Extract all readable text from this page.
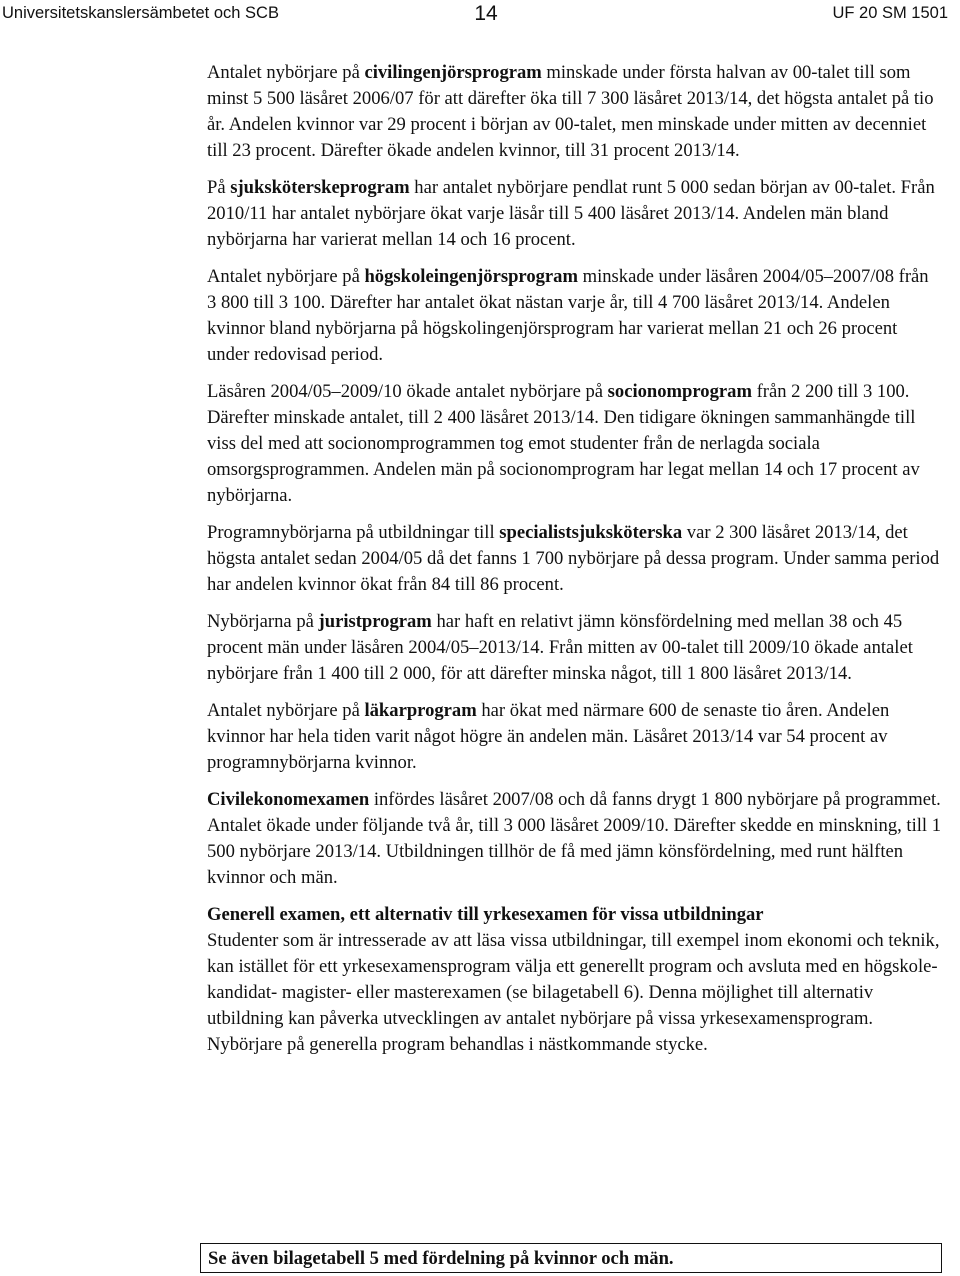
Universitetskanslersämbetet och SCB	14	UF 20 SM 1501

Antalet nybörjare på civilingenjörsprogram minskade under första halvan av 00-talet till som minst 5 500 läsåret 2006/07 för att därefter öka till 7 300 läsåret 2013/14, det högsta antalet på tio år. Andelen kvinnor var 29 procent i början av 00-talet, men minskade under mitten av decenniet till 23 procent. Därefter ökade andelen kvinnor, till 31 procent 2013/14.

På sjuksköterskeprogram har antalet nybörjare pendlat runt 5 000 sedan början av 00-talet. Från 2010/11 har antalet nybörjare ökat varje läsår till 5 400 läsåret 2013/14. Andelen män bland nybörjarna har varierat mellan 14 och 16 procent.

Antalet nybörjare på högskoleingenjörsprogram minskade under läsåren 2004/05–2007/08 från 3 800 till 3 100. Därefter har antalet ökat nästan varje år, till 4 700 läsåret 2013/14. Andelen kvinnor bland nybörjarna på högskolingenjörsprogram har varierat mellan 21 och 26 procent under redovisad period.

Läsåren 2004/05–2009/10 ökade antalet nybörjare på socionomprogram från 2 200 till 3 100. Därefter minskade antalet, till 2 400 läsåret 2013/14. Den tidigare ökningen sammanhängde till viss del med att socionomprogrammen tog emot studenter från de nerlagda sociala omsorgsprogrammen. Andelen män på socionomprogram har legat mellan 14 och 17 procent av nybörjarna.

Programnybörjarna på utbildningar till specialistsjuksköterska var 2 300 läsåret 2013/14, det högsta antalet sedan 2004/05 då det fanns 1 700 nybörjare på dessa program. Under samma period har andelen kvinnor ökat från 84 till 86 procent.

Nybörjarna på juristprogram har haft en relativt jämn könsfördelning med mellan 38 och 45 procent män under läsåren 2004/05–2013/14. Från mitten av 00-talet till 2009/10 ökade antalet nybörjare från 1 400 till 2 000, för att därefter minska något, till 1 800 läsåret 2013/14.

Antalet nybörjare på läkarprogram har ökat med närmare 600 de senaste tio åren. Andelen kvinnor har hela tiden varit något högre än andelen män. Läsåret 2013/14 var 54 procent av programnybörjarna kvinnor.

Civilekonomexamen infördes läsåret 2007/08 och då fanns drygt 1 800 nybörjare på programmet. Antalet ökade under följande två år, till 3 000 läsåret 2009/10. Därefter skedde en minskning, till 1 500 nybörjare 2013/14. Utbildningen tillhör de få med jämn könsfördelning, med runt hälften kvinnor och män.

Generell examen, ett alternativ till yrkesexamen för vissa utbildningar

Studenter som är intresserade av att läsa vissa utbildningar, till exempel inom ekonomi och teknik, kan istället för ett yrkesexamensprogram välja ett generellt program och avsluta med en högskole- kandidat- magister- eller masterexamen (se bilagetabell 6). Denna möjlighet till alternativ utbildning kan påverka utvecklingen av antalet nybörjare på vissa yrkesexamensprogram. Nybörjare på generella program behandlas i nästkommande stycke.

Se även bilagetabell 5 med fördelning på kvinnor och män.
